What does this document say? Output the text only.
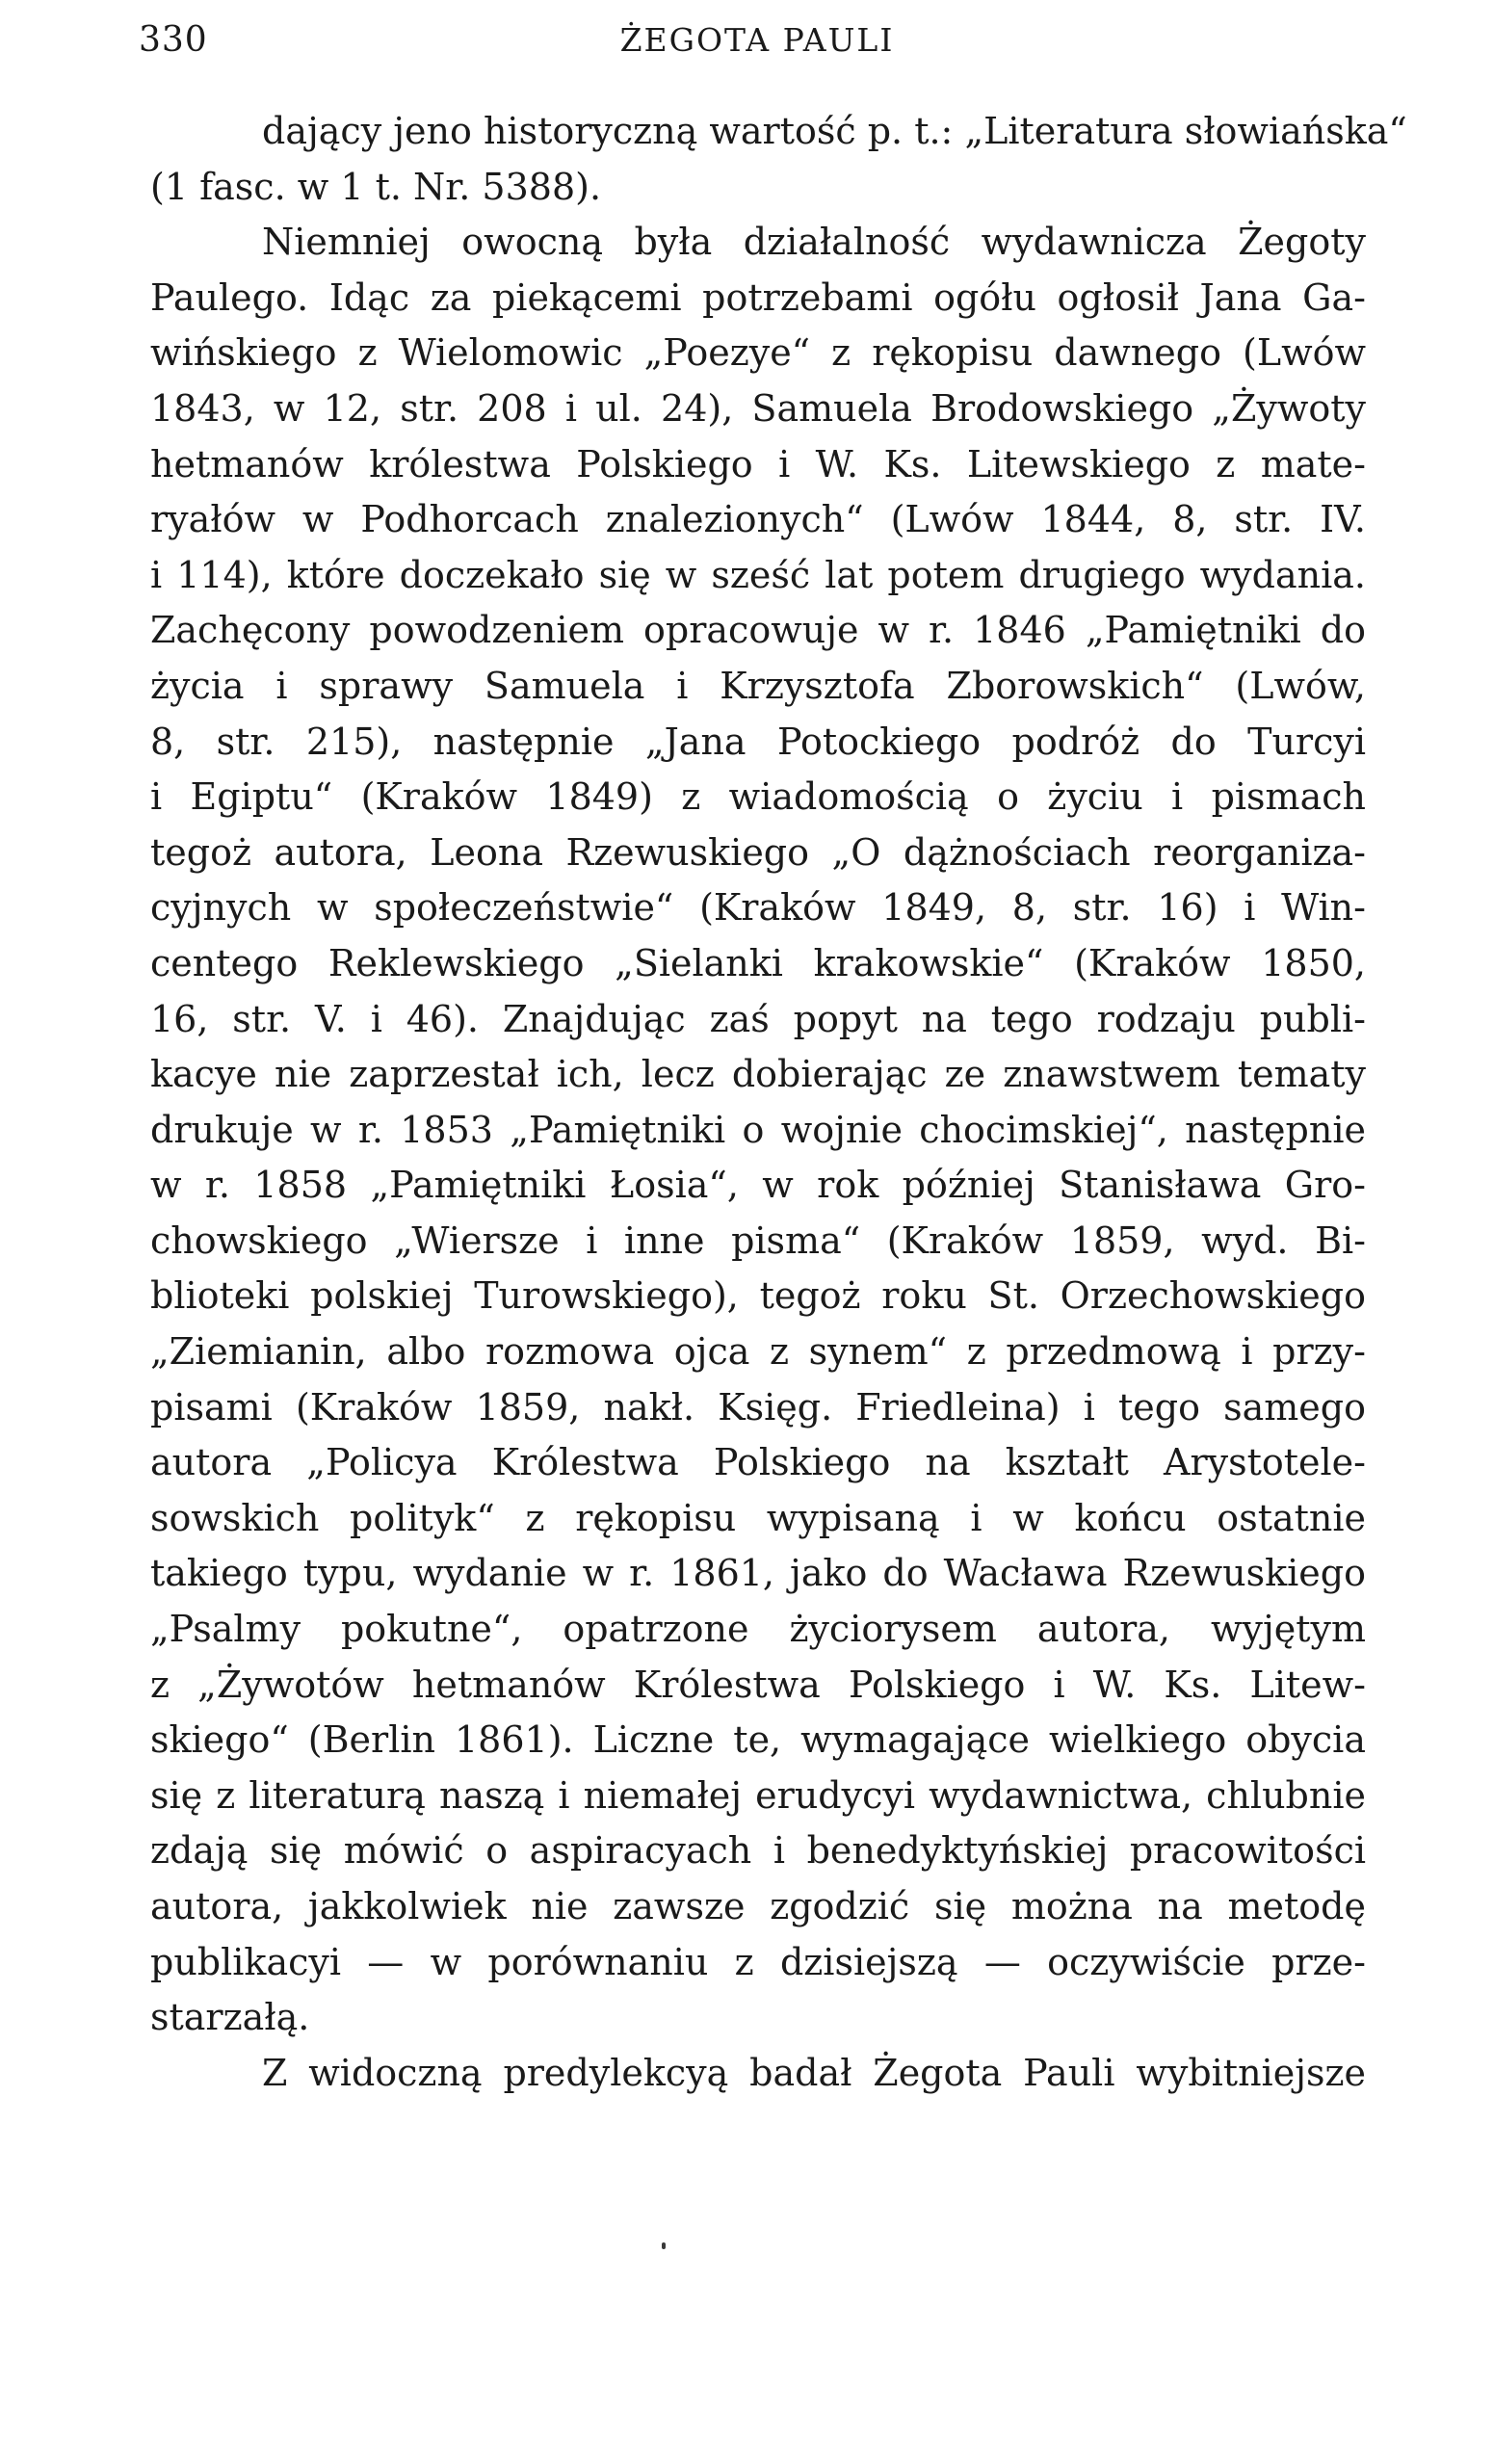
330	ŻEGOTA PAULI
dający jeno historyczną wartość p. t.: „Literatura słowiańska“
(1 fasc. w 1 t. Nr. 5388).
Niemniej owocną była działalność wydawnicza Żegoty
Paulego. Idąc za piekącemi potrzebami ogółu ogłosił Jana Ga-
wińskiego z Wielomowic „Poezye“ z rękopisu dawnego (Lwów
1843, w 12, str. 208 i ul. 24), Samuela Brodowskiego „Żywoty
hetmanów królestwa Polskiego i W. Ks. Litewskiego z mate-
ryałów w Podhorcach znalezionych“ (Lwów 1844, 8, str. IV.
i 114), które doczekało się w sześć lat potem drugiego wydania.
Zachęcony powodzeniem opracowuje w r. 1846 „Pamiętniki do
życia i sprawy Samuela i Krzysztofa Zborowskich“ (Lwów,
8, str. 215), następnie „Jana Potockiego podróż do Turcyi
i Egiptu“ (Kraków 1849) z wiadomością o życiu i pismach
tegoż autora, Leona Rzewuskiego „O dążnościach reorganiza-
cyjnych w społeczeństwie“ (Kraków 1849, 8, str. 16) i Win-
centego Reklewskiego „Sielanki krakowskie“ (Kraków 1850,
16, str. V. i 46). Znajdując zaś popyt na tego rodzaju publi-
kacye nie zaprzestał ich, lecz dobierając ze znawstwem tematy
drukuje w r. 1853 „Pamiętniki o wojnie chocimskiej“, następnie
w r. 1858 „Pamiętniki Łosia“, w rok później Stanisława Gro-
chowskiego „Wiersze i inne pisma“ (Kraków 1859, wyd. Bi-
blioteki polskiej Turowskiego), tegoż roku St. Orzechowskiego
„Ziemianin, albo rozmowa ojca z synem“ z przedmową i przy-
pisami (Kraków 1859, nakł. Księg. Friedleina) i tego samego
autora „Policya Królestwa Polskiego na kształt Arystotele-
sowskich polityk“ z rękopisu wypisaną i w końcu ostatnie
takiego typu, wydanie w r. 1861, jako do Wacława Rzewuskiego
„Psalmy pokutne“, opatrzone życiorysem autora, wyjętym
z „Żywotów hetmanów Królestwa Polskiego i W. Ks. Litew-
skiego“ (Berlin 1861). Liczne te, wymagające wielkiego obycia
się z literaturą naszą i niemałej erudycyi wydawnictwa, chlubnie
zdają się mówić o aspiracyach i benedyktyńskiej pracowitości
autora, jakkolwiek nie zawsze zgodzić się można na metodę
publikacyi — w porównaniu z dzisiejszą — oczywiście prze-
starzałą.
Z widoczną predylekcyą badał Żegota Pauli wybitniejsze
